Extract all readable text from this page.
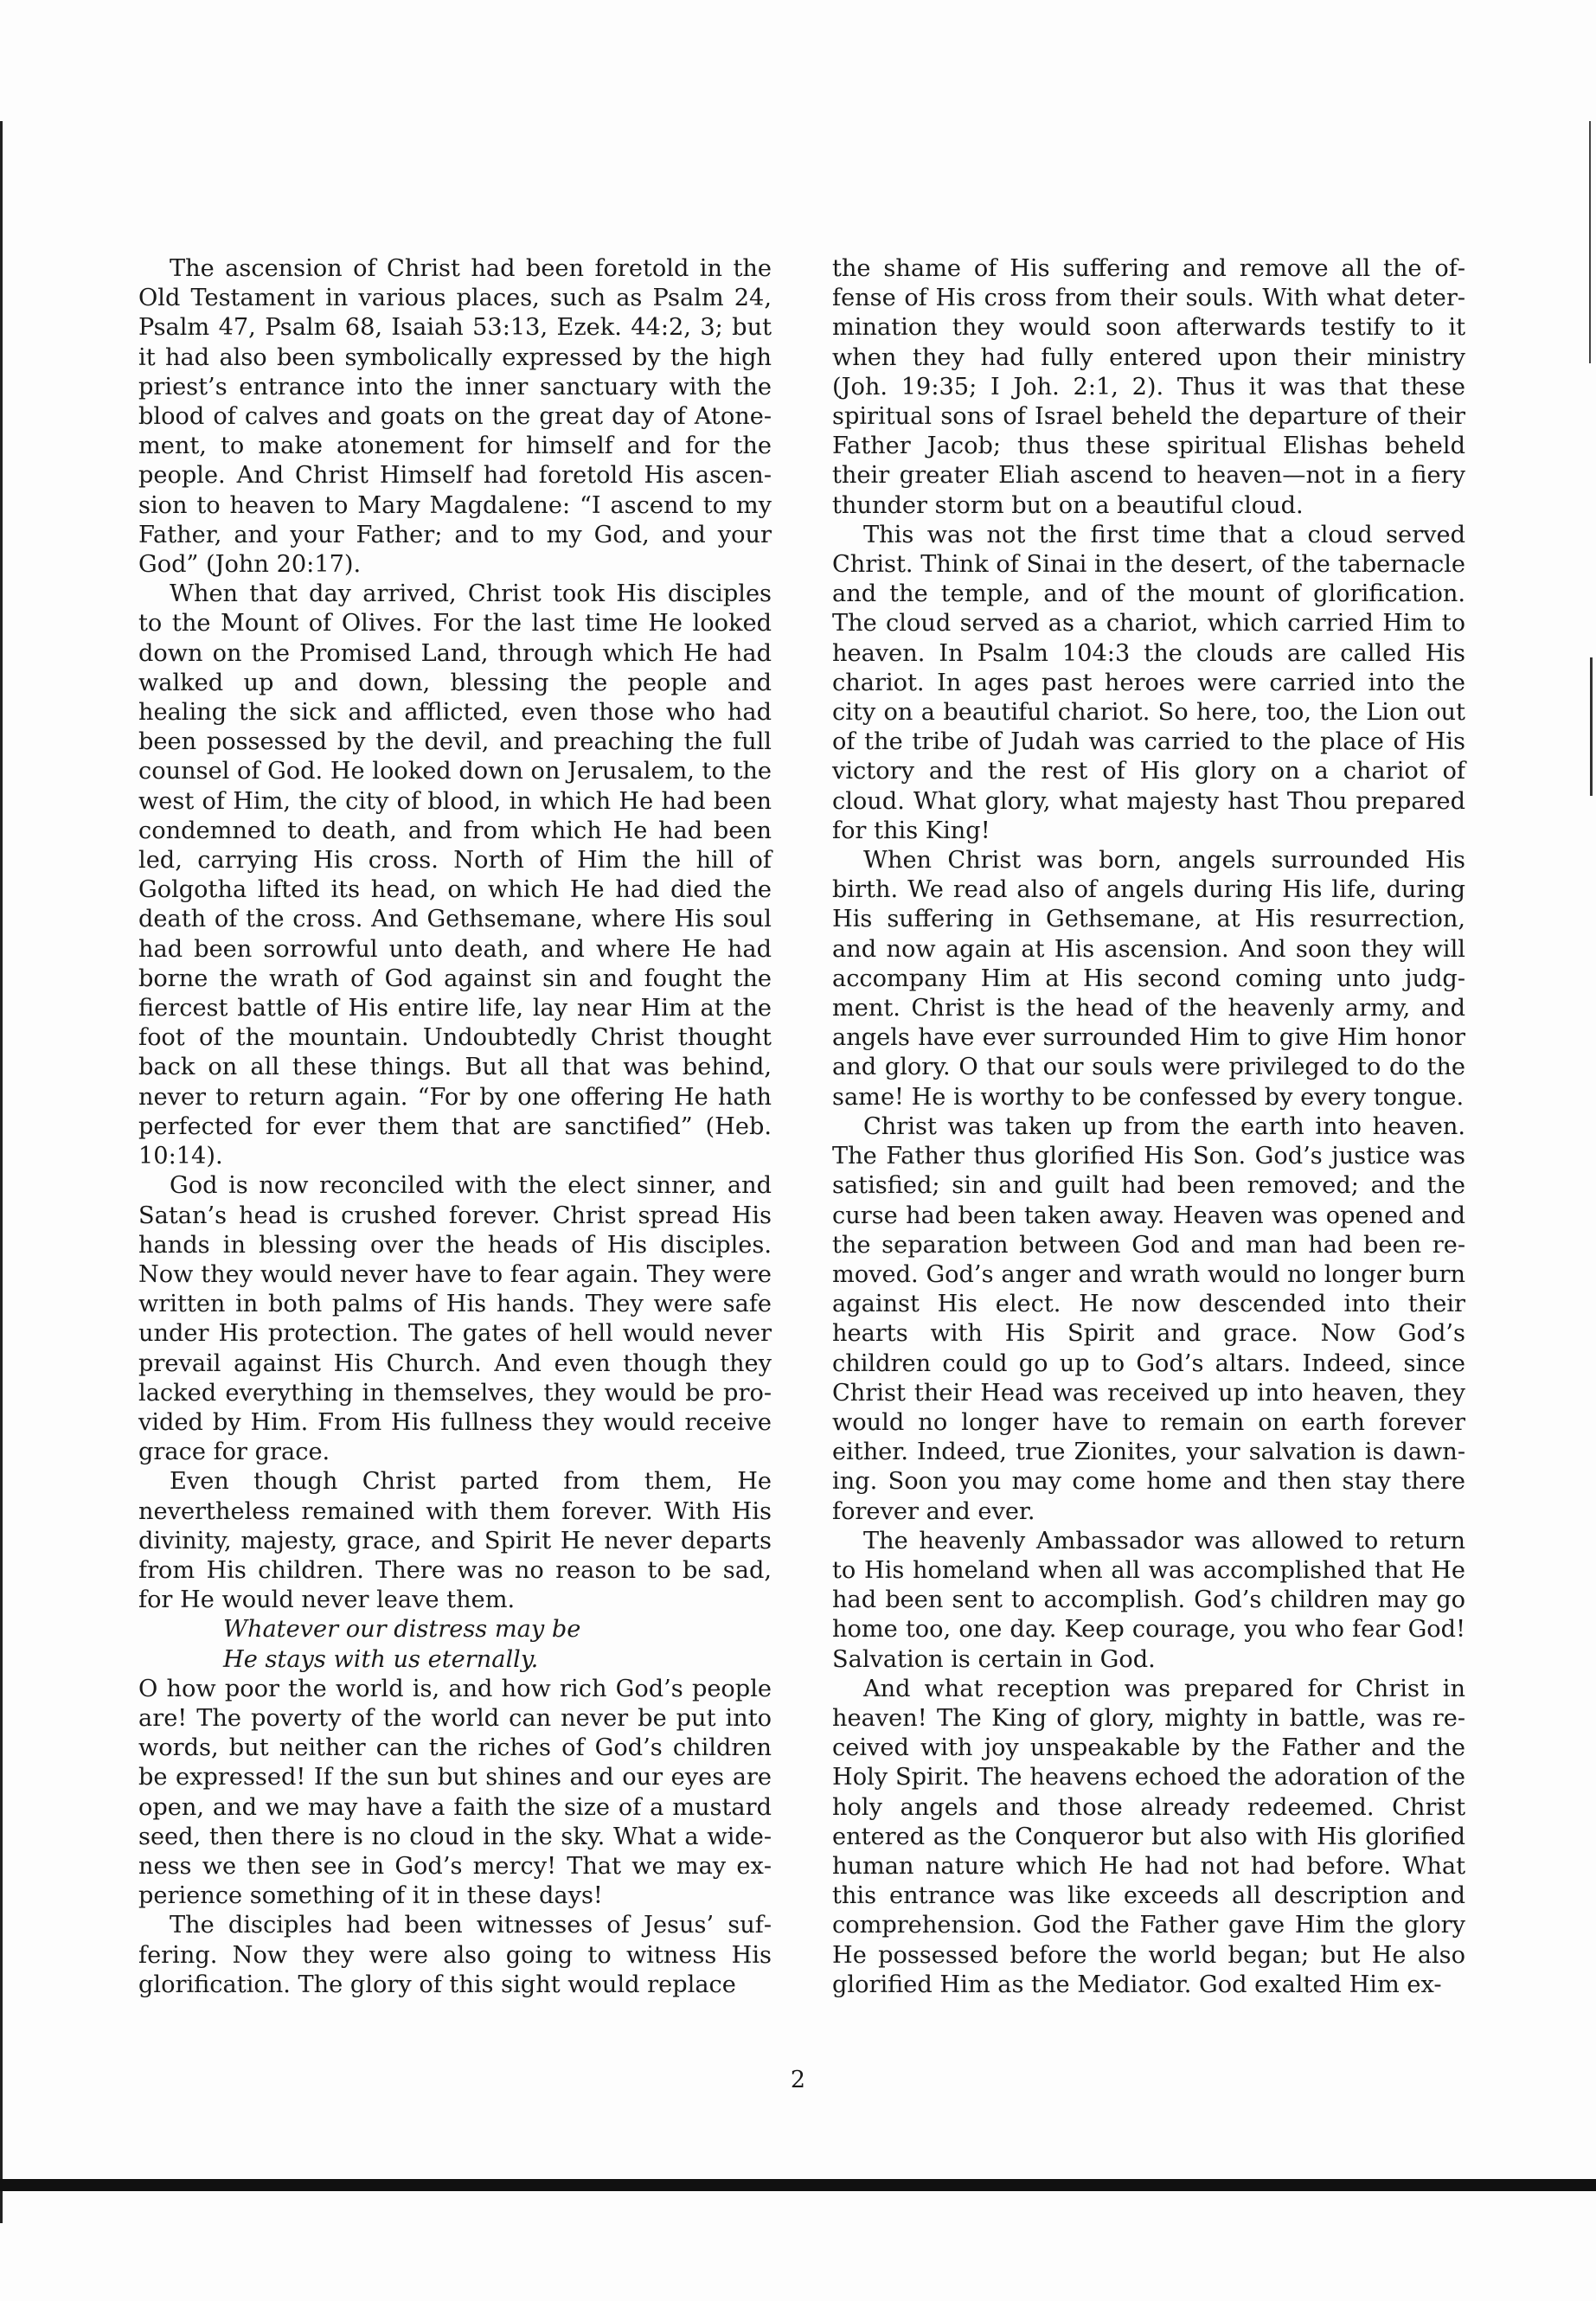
The ascension of Christ had been foretold in the Old Testament in various places, such as Psalm 24, Psalm 47, Psalm 68, Isaiah 53:13, Ezek. 44:2, 3; but it had also been symbolically expressed by the high priest’s entrance into the inner sanctuary with the blood of calves and goats on the great day of Atonement, to make atonement for himself and for the people. And Christ Himself had foretold His ascension to heaven to Mary Magdalene: “I ascend to my Father, and your Father; and to my God, and your God” (John 20:17).

When that day arrived, Christ took His disciples to the Mount of Olives. For the last time He looked down on the Promised Land, through which He had walked up and down, blessing the people and healing the sick and afflicted, even those who had been possessed by the devil, and preaching the full counsel of God. He looked down on Jerusalem, to the west of Him, the city of blood, in which He had been condemned to death, and from which He had been led, carrying His cross. North of Him the hill of Golgotha lifted its head, on which He had died the death of the cross. And Gethsemane, where His soul had been sorrowful unto death, and where He had borne the wrath of God against sin and fought the fiercest battle of His entire life, lay near Him at the foot of the mountain. Undoubtedly Christ thought back on all these things. But all that was behind, never to return again. “For by one offering He hath perfected for ever them that are sanctified” (Heb. 10:14).

God is now reconciled with the elect sinner, and Satan’s head is crushed forever. Christ spread His hands in blessing over the heads of His disciples. Now they would never have to fear again. They were written in both palms of His hands. They were safe under His protection. The gates of hell would never prevail against His Church. And even though they lacked everything in themselves, they would be provided by Him. From His fullness they would receive grace for grace.

Even though Christ parted from them, He nevertheless remained with them forever. With His divinity, majesty, grace, and Spirit He never departs from His children. There was no reason to be sad, for He would never leave them.

Whatever our distress may be
He stays with us eternally.

O how poor the world is, and how rich God’s people are! The poverty of the world can never be put into words, but neither can the riches of God’s children be expressed! If the sun but shines and our eyes are open, and we may have a faith the size of a mustard seed, then there is no cloud in the sky. What a wideness we then see in God’s mercy! That we may experience something of it in these days!

The disciples had been witnesses of Jesus’ suffering. Now they were also going to witness His glorification. The glory of this sight would replace

the shame of His suffering and remove all the offense of His cross from their souls. With what determination they would soon afterwards testify to it when they had fully entered upon their ministry (Joh. 19:35; I Joh. 2:1, 2). Thus it was that these spiritual sons of Israel beheld the departure of their Father Jacob; thus these spiritual Elishas beheld their greater Eliah ascend to heaven—not in a fiery thunder storm but on a beautiful cloud.

This was not the first time that a cloud served Christ. Think of Sinai in the desert, of the tabernacle and the temple, and of the mount of glorification. The cloud served as a chariot, which carried Him to heaven. In Psalm 104:3 the clouds are called His chariot. In ages past heroes were carried into the city on a beautiful chariot. So here, too, the Lion out of the tribe of Judah was carried to the place of His victory and the rest of His glory on a chariot of cloud. What glory, what majesty hast Thou prepared for this King!

When Christ was born, angels surrounded His birth. We read also of angels during His life, during His suffering in Gethsemane, at His resurrection, and now again at His ascension. And soon they will accompany Him at His second coming unto judgment. Christ is the head of the heavenly army, and angels have ever surrounded Him to give Him honor and glory. O that our souls were privileged to do the same! He is worthy to be confessed by every tongue.

Christ was taken up from the earth into heaven. The Father thus glorified His Son. God’s justice was satisfied; sin and guilt had been removed; and the curse had been taken away. Heaven was opened and the separation between God and man had been removed. God’s anger and wrath would no longer burn against His elect. He now descended into their hearts with His Spirit and grace. Now God’s children could go up to God’s altars. Indeed, since Christ their Head was received up into heaven, they would no longer have to remain on earth forever either. Indeed, true Zionites, your salvation is dawning. Soon you may come home and then stay there forever and ever.

The heavenly Ambassador was allowed to return to His homeland when all was accomplished that He had been sent to accomplish. God’s children may go home too, one day. Keep courage, you who fear God! Salvation is certain in God.

And what reception was prepared for Christ in heaven! The King of glory, mighty in battle, was received with joy unspeakable by the Father and the Holy Spirit. The heavens echoed the adoration of the holy angels and those already redeemed. Christ entered as the Conqueror but also with His glorified human nature which He had not had before. What this entrance was like exceeds all description and comprehension. God the Father gave Him the glory He possessed before the world began; but He also glorified Him as the Mediator. God exalted Him ex-

2
